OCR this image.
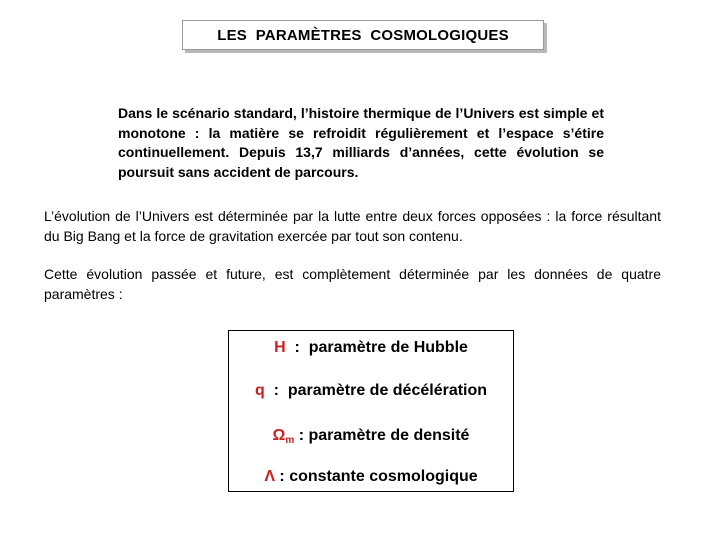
LES  PARAMÈTRES  COSMOLOGIQUES

Dans le scénario standard, l’histoire thermique de l’Univers est simple et monotone : la matière se refroidit régulièrement et l’espace s’étire continuellement. Depuis 13,7 milliards d’années, cette évolution se poursuit sans accident de parcours.

L’évolution de l’Univers est déterminée par la lutte entre deux forces opposées : la force résultant du Big Bang et la force de gravitation exercée par tout son contenu.

Cette évolution passée et future, est complètement déterminée par les données de quatre paramètres :

H  :  paramètre de Hubble
q  :  paramètre de décélération
Ωm : paramètre de densité
Λ : constante cosmologique
